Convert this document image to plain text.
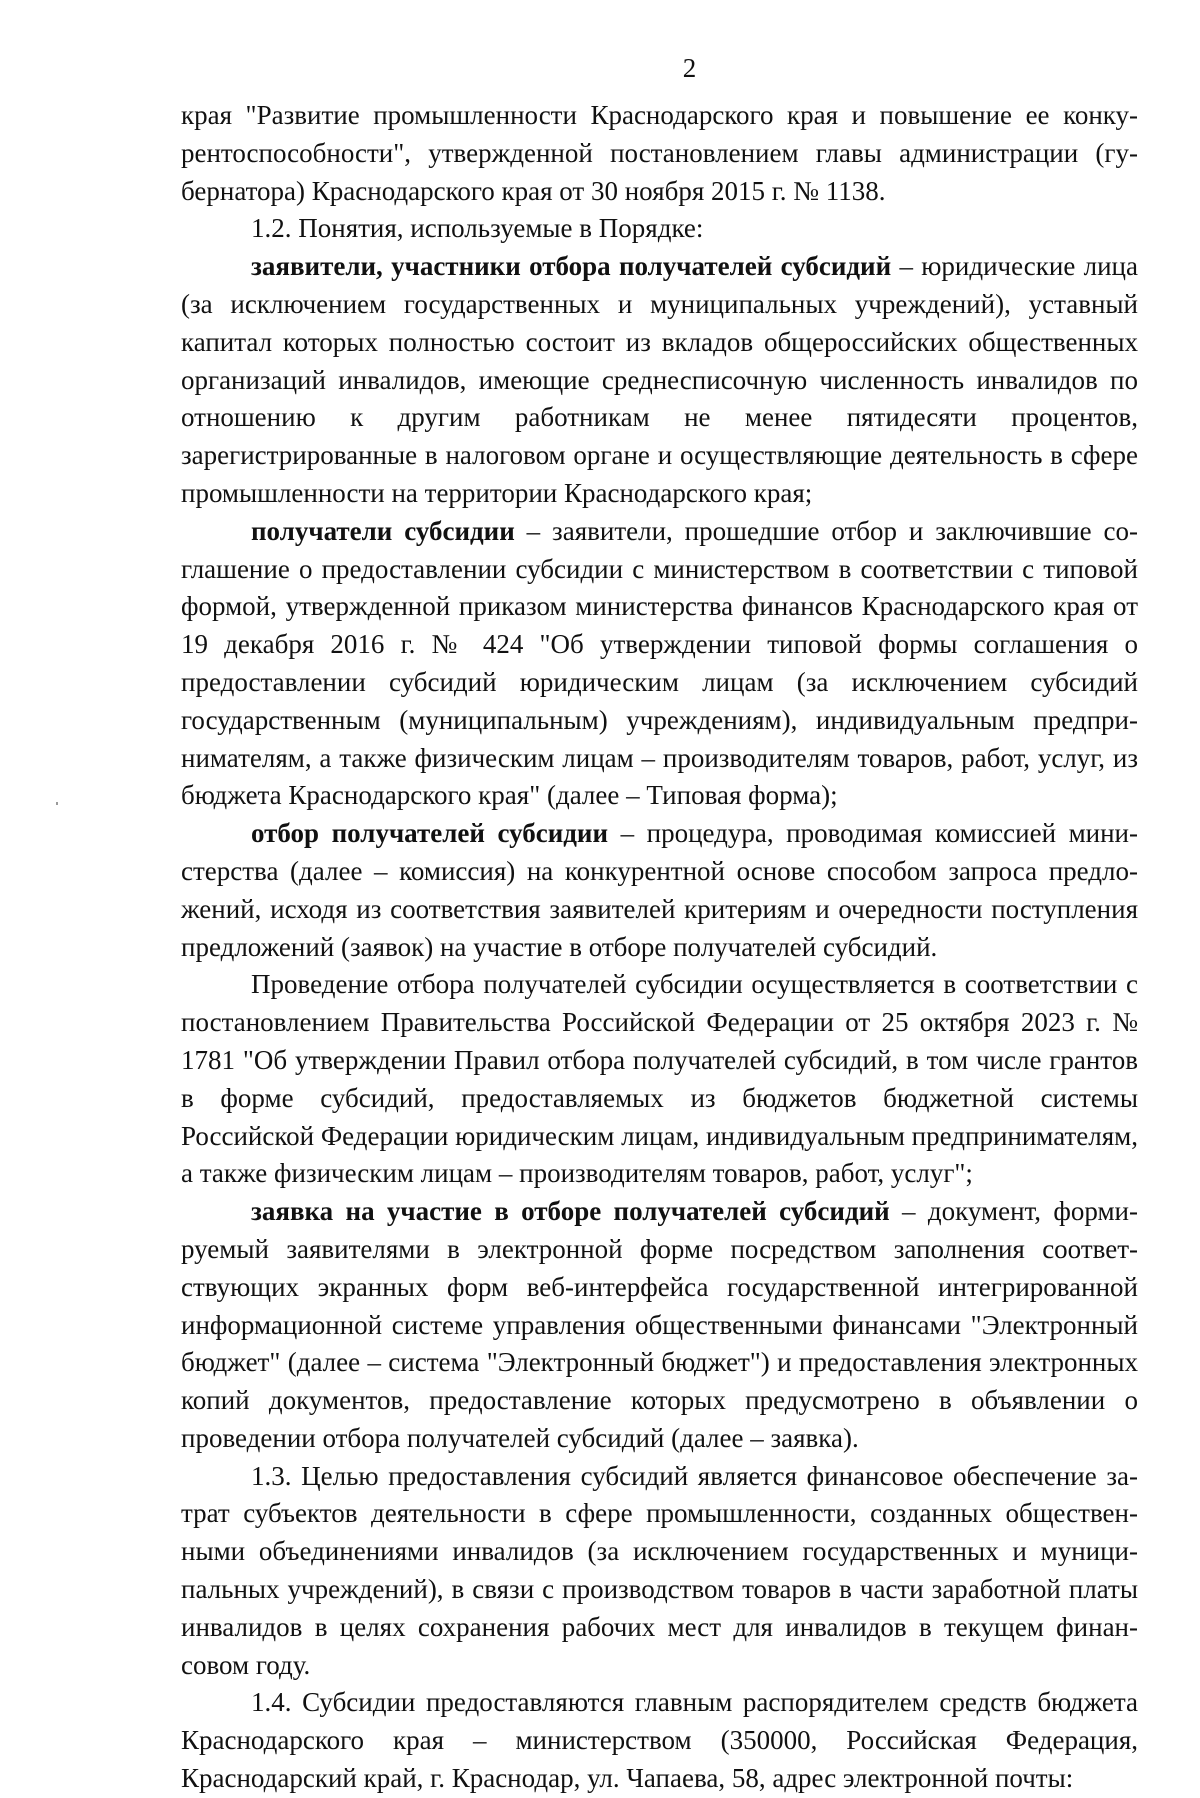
2

края "Развитие промышленности Краснодарского края и повышение ее конкурентоспособности", утвержденной постановлением главы администрации (губернатора) Краснодарского края от 30 ноября 2015 г. № 1138.

1.2. Понятия, используемые в Порядке:

заявители, участники отбора получателей субсидий – юридические лица (за исключением государственных и муниципальных учреждений), уставный капитал которых полностью состоит из вкладов общероссийских общественных организаций инвалидов, имеющие среднесписочную численность инвалидов по отношению к другим работникам не менее пятидесяти процентов, зарегистрированные в налоговом органе и осуществляющие деятельность в сфере промышленности на территории Краснодарского края;

получатели субсидии – заявители, прошедшие отбор и заключившие соглашение о предоставлении субсидии с министерством в соответствии с типовой формой, утвержденной приказом министерства финансов Краснодарского края от 19 декабря 2016 г. № 424 "Об утверждении типовой формы соглашения о предоставлении субсидий юридическим лицам (за исключением субсидий государственным (муниципальным) учреждениям), индивидуальным предпринимателям, а также физическим лицам – производителям товаров, работ, услуг, из бюджета Краснодарского края" (далее – Типовая форма);

отбор получателей субсидии – процедура, проводимая комиссией министерства (далее – комиссия) на конкурентной основе способом запроса предложений, исходя из соответствия заявителей критериям и очередности поступления предложений (заявок) на участие в отборе получателей субсидий.

Проведение отбора получателей субсидии осуществляется в соответствии с постановлением Правительства Российской Федерации от 25 октября 2023 г. № 1781 "Об утверждении Правил отбора получателей субсидий, в том числе грантов в форме субсидий, предоставляемых из бюджетов бюджетной системы Российской Федерации юридическим лицам, индивидуальным предпринимателям, а также физическим лицам – производителям товаров, работ, услуг";

заявка на участие в отборе получателей субсидий – документ, формируемый заявителями в электронной форме посредством заполнения соответствующих экранных форм веб-интерфейса государственной интегрированной информационной системе управления общественными финансами "Электронный бюджет" (далее – система "Электронный бюджет") и предоставления электронных копий документов, предоставление которых предусмотрено в объявлении о проведении отбора получателей субсидий (далее – заявка).

1.3. Целью предоставления субсидий является финансовое обеспечение затрат субъектов деятельности в сфере промышленности, созданных общественными объединениями инвалидов (за исключением государственных и муниципальных учреждений), в связи с производством товаров в части заработной платы инвалидов в целях сохранения рабочих мест для инвалидов в текущем финансовом году.

1.4. Субсидии предоставляются главным распорядителем средств бюджета Краснодарского края – министерством (350000, Российская Федерация, Краснодарский край, г. Краснодар, ул. Чапаева, 58, адрес электронной почты:
